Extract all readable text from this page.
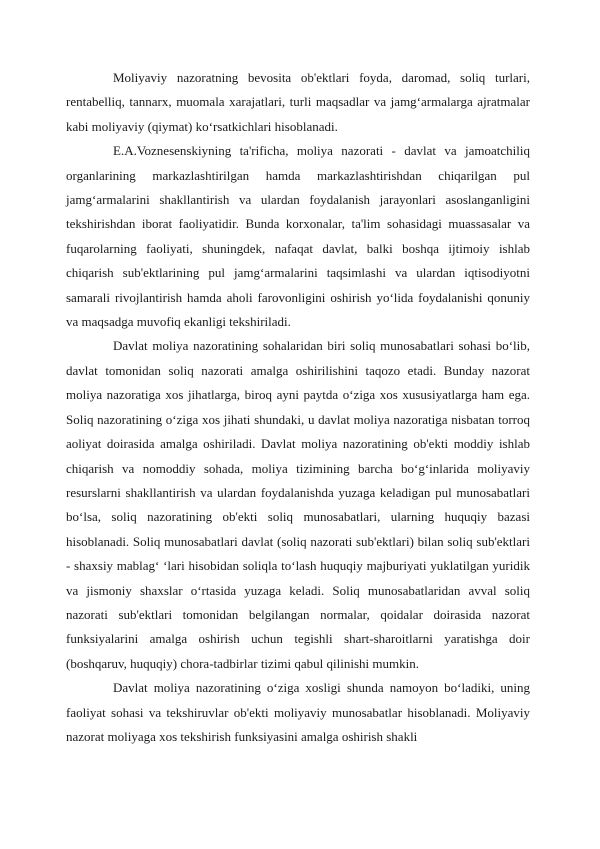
Moliyaviy nazoratning bevosita ob'ektlari foyda, daromad, soliq turlari, rentabelliq, tannarx, muomala xarajatlari, turli maqsadlar va jamg‘armalarga ajratmalar kabi moliyaviy (qiymat) ko‘rsatkichlari hisoblanadi.

E.A.Voznesenskiyning ta'rificha, moliya nazorati - davlat va jamoatchiliq organlarining markazlashtirilgan hamda markazlashtirishdan chiqarilgan pul jamg‘armalarini shakllantirish va ulardan foydalanish jarayonlari asoslanganligini tekshirishdan iborat faoliyatidir. Bunda korxonalar, ta'lim sohasidagi muassasalar va fuqarolarning faoliyati, shuningdek, nafaqat davlat, balki boshqa ijtimoiy ishlab chiqarish sub'ektlarining pul jamg‘armalarini taqsimlashi va ulardan iqtisodiyotni samarali rivojlantirish hamda aholi farovonligini oshirish yo‘lida foydalanishi qonuniy va maqsadga muvofiq ekanligi tekshiriladi.

Davlat moliya nazoratining sohalaridan biri soliq munosabatlari sohasi bo‘lib, davlat tomonidan soliq nazorati amalga oshirilishini taqozo etadi. Bunday nazorat moliya nazoratiga xos jihatlarga, biroq ayni paytda o‘ziga xos xususiyatlarga ham ega. Soliq nazoratining o‘ziga xos jihati shundaki, u davlat moliya nazoratiga nisbatan torroq aoliyat doirasida amalga oshiriladi. Davlat moliya nazoratining ob'ekti moddiy ishlab chiqarish va nomoddiy sohada, moliya tizimining barcha bo‘g‘inlarida moliyaviy resurslarni shakllantirish va ulardan foydalanishda yuzaga keladigan pul munosabatlari bo‘lsa, soliq nazoratining ob'ekti soliq munosabatlari, ularning huquqiy bazasi hisoblanadi. Soliq munosabatlari davlat (soliq nazorati sub'ektlari) bilan soliq sub'ektlari - shaxsiy mablag‘ ‘lari hisobidan soliqla to‘lash huquqiy majburiyati yuklatilgan yuridik va jismoniy shaxslar o‘rtasida yuzaga keladi. Soliq munosabatlaridan avval soliq nazorati sub'ektlari tomonidan belgilangan normalar, qoidalar doirasida nazorat funksiyalarini amalga oshirish uchun tegishli shart-sharoitlarni yaratishga doir (boshqaruv, huquqiy) chora-tadbirlar tizimi qabul qilinishi mumkin.

Davlat moliya nazoratining o‘ziga xosligi shunda namoyon bo‘ladiki, uning faoliyat sohasi va tekshiruvlar ob'ekti moliyaviy munosabatlar hisoblanadi. Moliyaviy nazorat moliyaga xos tekshirish funksiyasini amalga oshirish shakli
